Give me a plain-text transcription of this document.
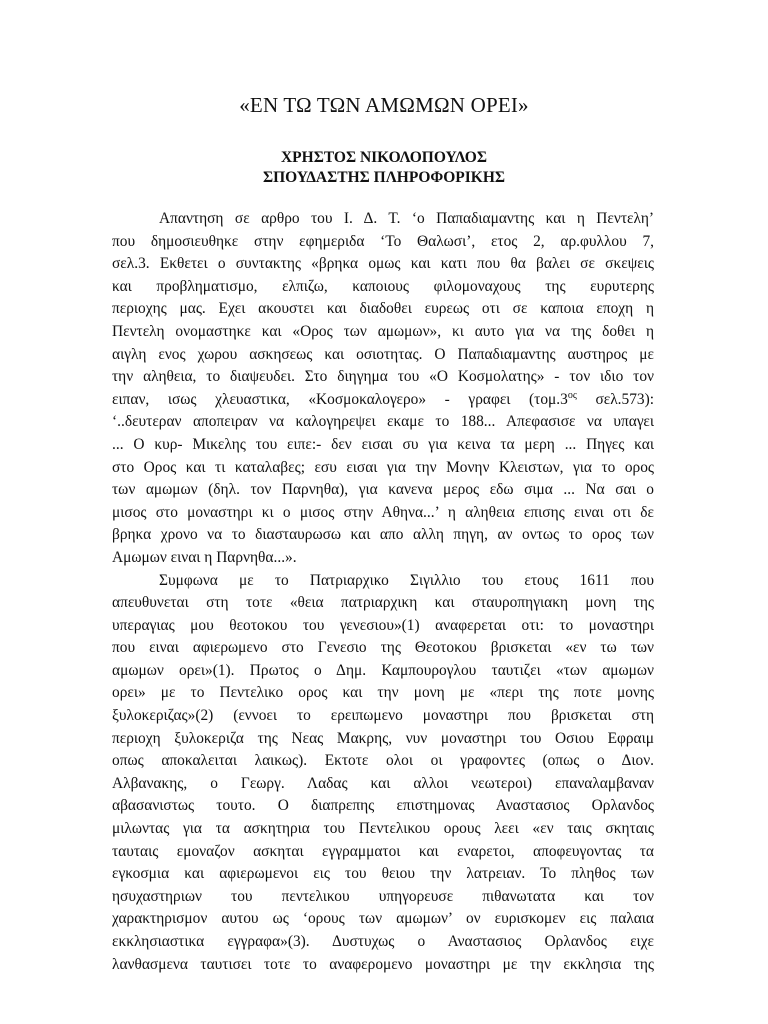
«ΕΝ ΤΩ ΤΩΝ ΑΜΩΜΩΝ ΟΡΕΙ»
ΧΡΗΣΤΟΣ ΝΙΚΟΛΟΠΟΥΛΟΣ
ΣΠΟΥΔΑΣΤΗΣ ΠΛΗΡΟΦΟΡΙΚΗΣ

Απαντηση σε αρθρο του Ι. Δ. Τ. ‘ο Παπαδιαμαντης και η Πεντελη’
που δημοσιευθηκε στην εφημεριδα ‘Το Θαλωσι’, ετος 2, αρ.φυλλου 7,
σελ.3. Εκθετει ο συντακτης «βρηκα ομως και κατι που θα βαλει σε σκεψεις
και προβληματισμο, ελπιζω, καποιους φιλομοναχους της ευρυτερης
περιοχης μας. Εχει ακουστει και διαδοθει ευρεως οτι σε καποια εποχη η
Πεντελη ονομαστηκε και «Ορος των αμωμων», κι αυτο για να της δοθει η
αιγλη ενος χωρου ασκησεως και οσιοτητας. Ο Παπαδιαμαντης αυστηρος με
την αληθεια, το διαψευδει. Στο διηγημα του «Ο Κοσμολατης» - τον ιδιο τον
ειπαν, ισως χλευαστικα, «Κοσμοκαλογερο» - γραφει ($\tau o\mu.3^{o\varsigma}$ σελ.573):
‘..δευτεραν αποπειραν να καλογηρεψει εκαμε το 188... Απεφασισε να υπαγει
... Ο κυρ- Μικελης του ειπε:- δεν εισαι συ για κεινα τα μερη ... Πηγες και
στο Ορος και τι καταλαβες; εσυ εισαι για την Μονην Κλειστων, για το ορος
των αμωμων (δηλ. τον Παρνηθα), για κανενα μερος εδω σιμα ... Να σαι ο
μισος στο μοναστηρι κι ο μισος στην Αθηνα...’ η αληθεια επισης ειναι οτι δε
βρηκα χρονο να το διασταυρωσω και απο αλλη πηγη, αν οντως το ορος των
Αμωμων ειναι η Παρνηθα...».

Συμφωνα με το Πατριαρχικο Σιγιλλιο του ετους 1611 που
απευθυνεται στη τοτε «θεια πατριαρχικη και σταυροπηγιακη μονη της
υπεραγιας μου θεοτοκου του γενεσιου»(1) αναφερεται οτι: το μοναστηρι
που ειναι αφιερωμενο στο Γενεσιο της Θεοτοκου βρισκεται «εν τω των
αμωμων ορει»(1). Πρωτος ο Δημ. Καμπουρογλου ταυτιζει «των αμωμων
ορει» με το Πεντελικο ορος και την μονη με «περι της ποτε μονης
ξυλοκεριζας»(2) (εννοει το ερειπωμενο μοναστηρι που βρισκεται στη
περιοχη ξυλοκεριζα της Νεας Μακρης, νυν μοναστηρι του Οσιου Εφραιμ
οπως αποκαλειται λαικως). Εκτοτε ολοι οι γραφοντες (οπως ο Διον.
Αλβανακης, ο Γεωργ. Λαδας και αλλοι νεωτεροι) επαναλαμβαναν
αβασανιστως τουτο. Ο διαπρεπης επιστημονας Αναστασιος Ορλανδος
μιλωντας για τα ασκητηρια του Πεντελικου ορους λεει «εν ταις σκηταις
ταυταις εμοναζον ασκηται εγγραμματοι και εναρετοι, αποφευγοντας τα
εγκοσμια και αφιερωμενοι εις του θειου την λατρειαν. Το πληθος των
ησυχαστηριων του πεντελικου υπηγορευσε πιθανωτατα και τον
χαρακτηρισμον αυτου ως ‘ορους των αμωμων’ ον ευρισκομεν εις παλαια
εκκλησιαστικα εγγραφα»(3). Δυστυχως ο Αναστασιος Ορλανδος ειχε
λανθασμενα ταυτισει τοτε το αναφερομενο μοναστηρι με την εκκλησια της
